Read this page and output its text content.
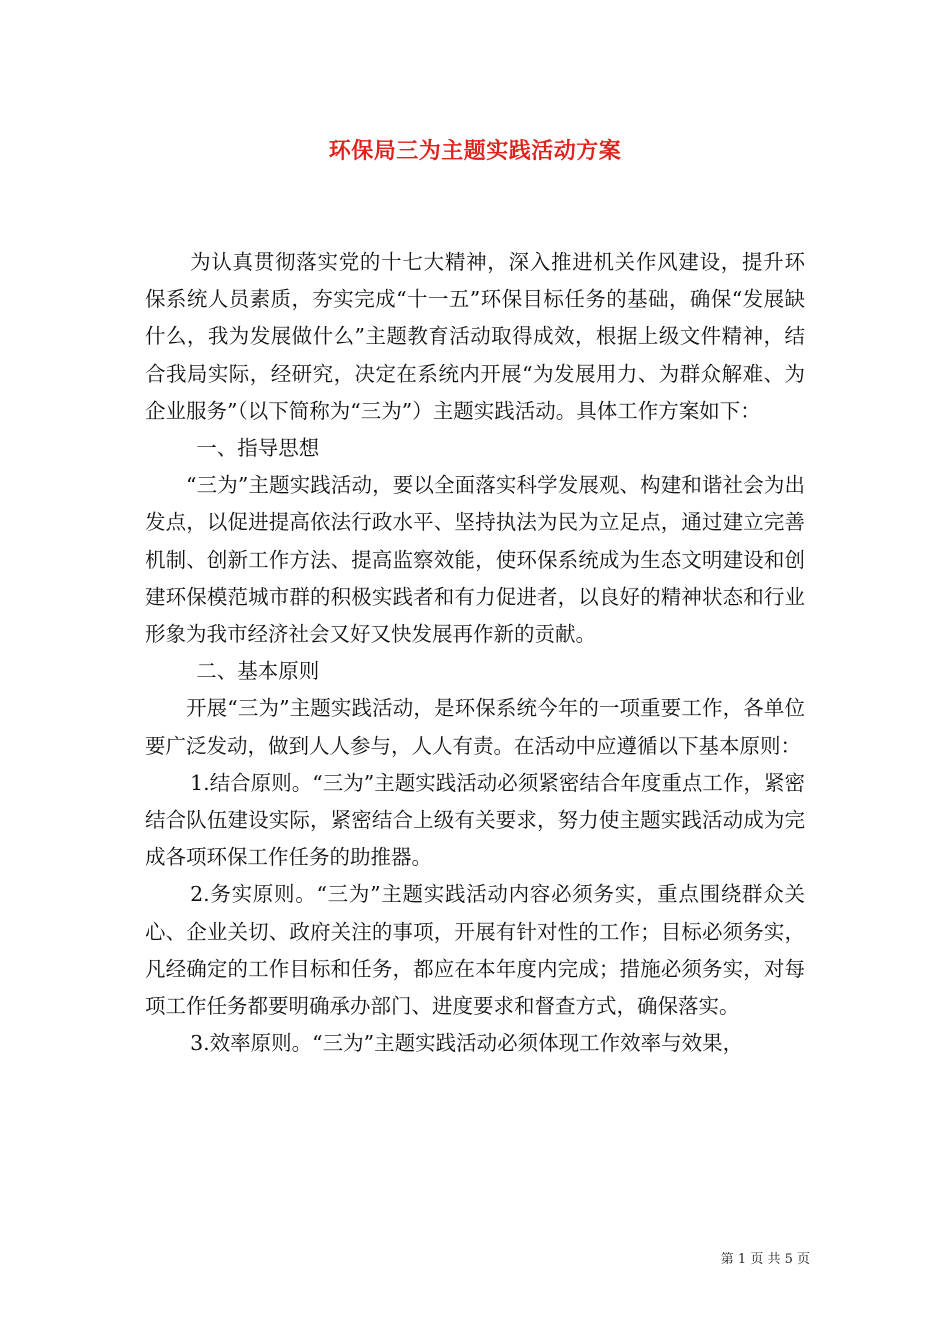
环保局三为主题实践活动方案

为认真贯彻落实党的十七大精神，深入推进机关作风建设，提升环保系统人员素质，夯实完成“十一五”环保目标任务的基础，确保“发展缺什么，我为发展做什么”主题教育活动取得成效，根据上级文件精神，结合我局实际，经研究，决定在系统内开展“为发展用力、为群众解难、为企业服务”（以下简称为“三为”）主题实践活动。具体工作方案如下：

一、指导思想

“三为”主题实践活动，要以全面落实科学发展观、构建和谐社会为出发点，以促进提高依法行政水平、坚持执法为民为立足点，通过建立完善机制、创新工作方法、提高监察效能，使环保系统成为生态文明建设和创建环保模范城市群的积极实践者和有力促进者，以良好的精神状态和行业形象为我市经济社会又好又快发展再作新的贡献。

二、基本原则

开展“三为”主题实践活动，是环保系统今年的一项重要工作，各单位要广泛发动，做到人人参与，人人有责。在活动中应遵循以下基本原则：

1.结合原则。“三为”主题实践活动必须紧密结合年度重点工作，紧密结合队伍建设实际，紧密结合上级有关要求，努力使主题实践活动成为完成各项环保工作任务的助推器。

2.务实原则。“三为”主题实践活动内容必须务实，重点围绕群众关心、企业关切、政府关注的事项，开展有针对性的工作；目标必须务实，凡经确定的工作目标和任务，都应在本年度内完成；措施必须务实，对每项工作任务都要明确承办部门、进度要求和督查方式，确保落实。

3.效率原则。“三为”主题实践活动必须体现工作效率与效果，

第 1 页 共 5 页
